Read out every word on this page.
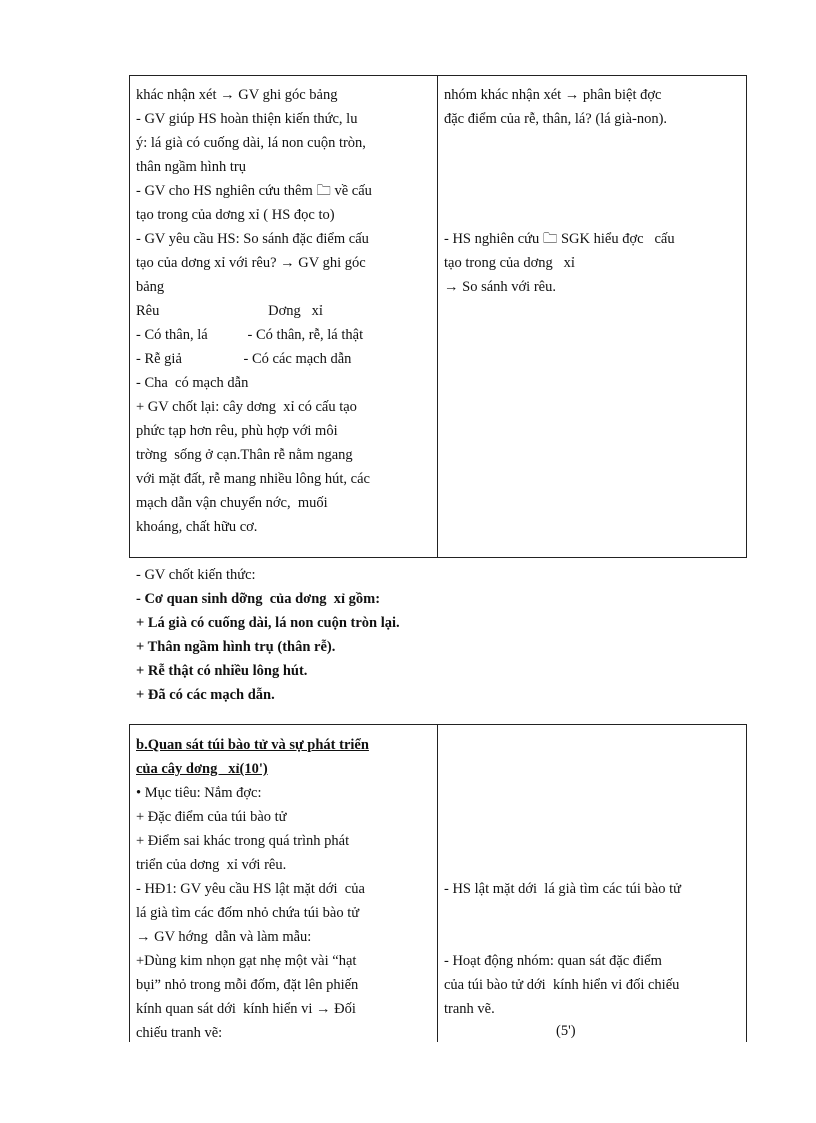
khác nhận xét → GV ghi góc bảng
- GV giúp HS hoàn thiện kiến thức, lu
ý: lá già có cuống dài, lá non cuộn tròn,
thân ngầm hình trụ
- GV cho HS nghiên cứu thêm 🗀 về cấu
tạo trong của dơng xỉ ( HS đọc to)
- GV yêu cầu HS: So sánh đặc điểm cấu
tạo của dơng xỉ với rêu? → GV ghi góc
bảng
Rêu                              Dơng   xỉ
- Có thân, lá           - Có thân, rễ, lá thật
- Rễ giả                 - Có các mạch dẫn
- Cha  có mạch dẫn
+ GV chốt lại: cây dơng  xỉ có cấu tạo
phức tạp hơn rêu, phù hợp với môi
trờng  sống ở cạn.Thân rễ nằm ngang
với mặt đất, rễ mang nhiều lông hút, các
mạch dẫn vận chuyển nớc,  muối
khoáng, chất hữu cơ.
nhóm khác nhận xét → phân biệt đợc
đặc điểm của rễ, thân, lá? (lá già-non).
- HS nghiên cứu 🗀 SGK hiểu đợc   cấu
tạo trong của dơng   xỉ
→ So sánh với rêu.
- GV chốt kiến thức:
- Cơ quan sinh dỡng  của dơng  xỉ gồm:
+ Lá già có cuống dài, lá non cuộn tròn lại.
+ Thân ngầm hình trụ (thân rễ).
+ Rễ thật có nhiều lông hút.
+ Đã có các mạch dẫn.
b.Quan sát túi bào tử và sự phát triển
của cây dơng   xỉ(10')
• Mục tiêu: Nắm đợc:
+ Đặc điểm của túi bào tử
+ Điểm sai khác trong quá trình phát
triển của dơng  xỉ với rêu.
- HĐ1: GV yêu cầu HS lật mặt dới  của
lá già tìm các đốm nhỏ chứa túi bào tử
→ GV hớng  dẫn và làm mẫu:
+Dùng kim nhọn gạt nhẹ một vài “hạt
bụi” nhỏ trong mỗi đốm, đặt lên phiến
kính quan sát dới  kính hiển vi → Đối
chiếu tranh vẽ:
- HS lật mặt dới  lá già tìm các túi bào tử
- Hoạt động nhóm: quan sát đặc điểm
của túi bào tử dới  kính hiển vi đối chiếu
tranh vẽ.
(5')
